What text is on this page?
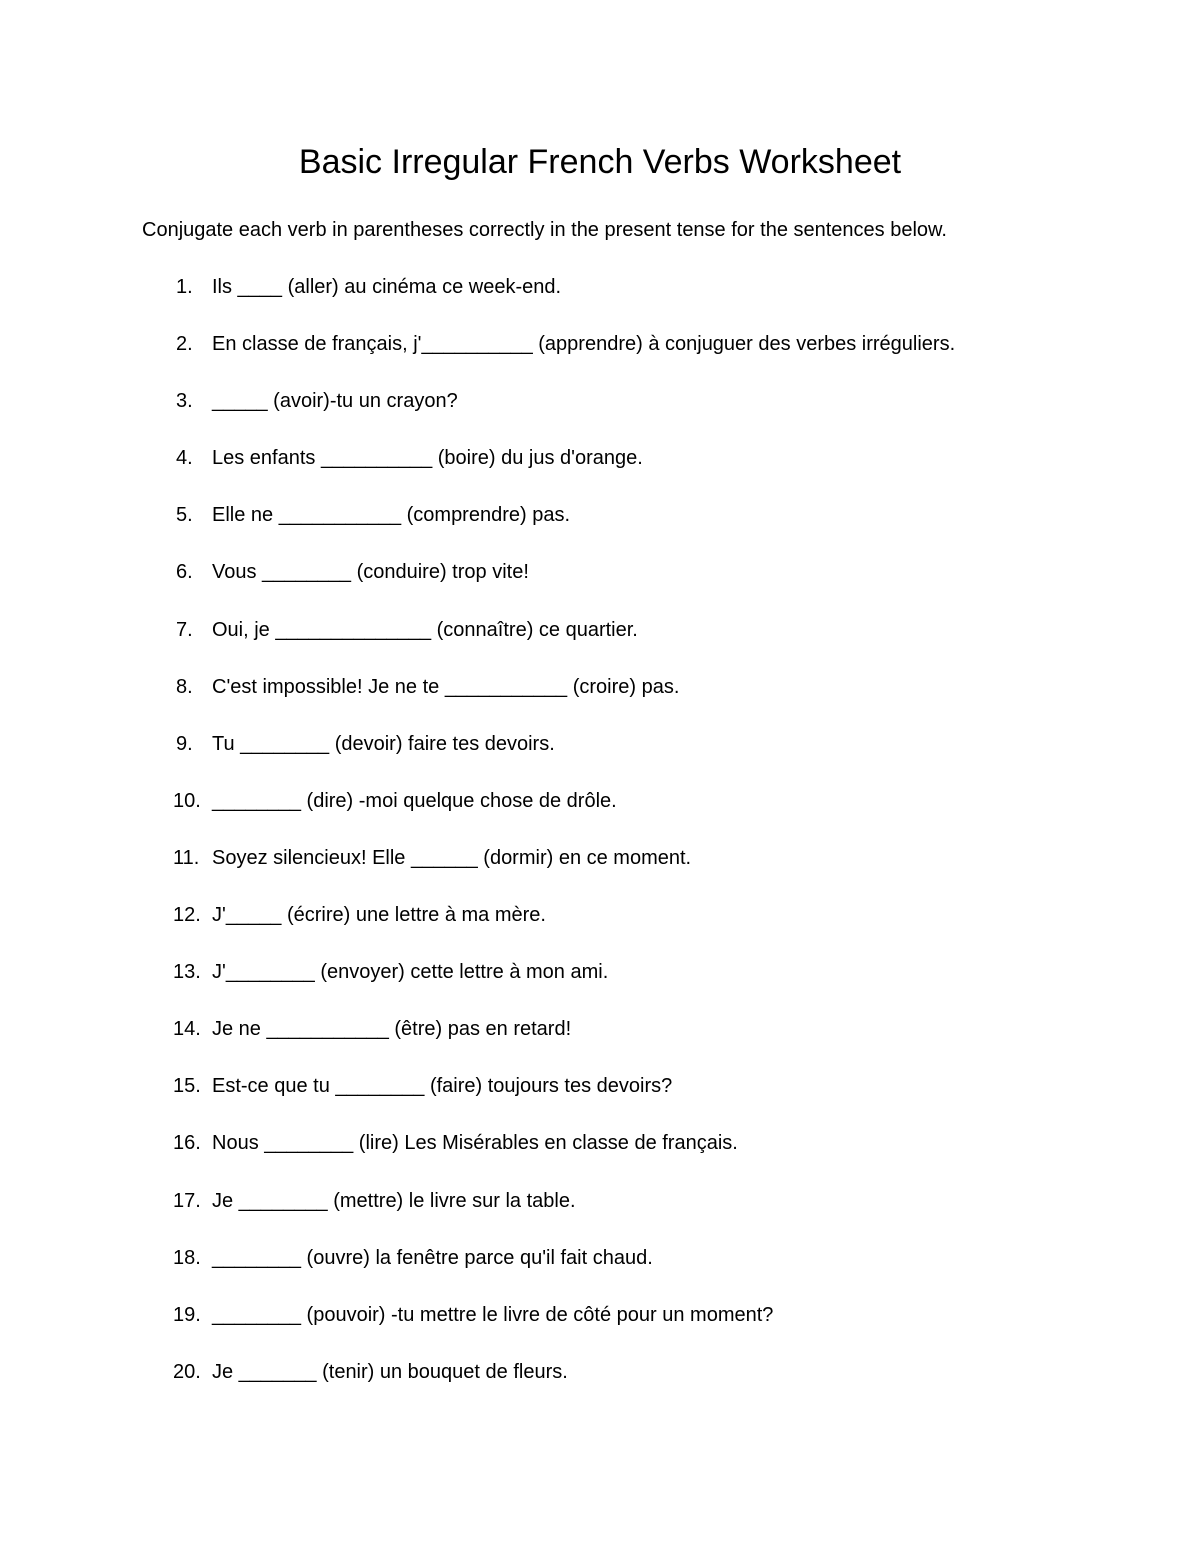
Basic Irregular French Verbs Worksheet

Conjugate each verb in parentheses correctly in the present tense for the sentences below.

1. Ils ____ (aller) au cinéma ce week-end.
2. En classe de français, j'__________ (apprendre) à conjuguer des verbes irréguliers.
3. _____ (avoir)-tu un crayon?
4. Les enfants __________ (boire) du jus d'orange.
5. Elle ne ___________ (comprendre) pas.
6. Vous ________ (conduire) trop vite!
7. Oui, je ______________ (connaître) ce quartier.
8. C'est impossible! Je ne te ___________ (croire) pas.
9. Tu ________ (devoir) faire tes devoirs.
10. ________ (dire) -moi quelque chose de drôle.
11. Soyez silencieux! Elle ______ (dormir) en ce moment.
12. J'_____ (écrire) une lettre à ma mère.
13. J'________ (envoyer) cette lettre à mon ami.
14. Je ne ___________ (être) pas en retard!
15. Est-ce que tu ________ (faire) toujours tes devoirs?
16. Nous ________ (lire) Les Misérables en classe de français.
17. Je ________ (mettre) le livre sur la table.
18. ________ (ouvre) la fenêtre parce qu'il fait chaud.
19. ________ (pouvoir) -tu mettre le livre de côté pour un moment?
20. Je _______ (tenir) un bouquet de fleurs.
